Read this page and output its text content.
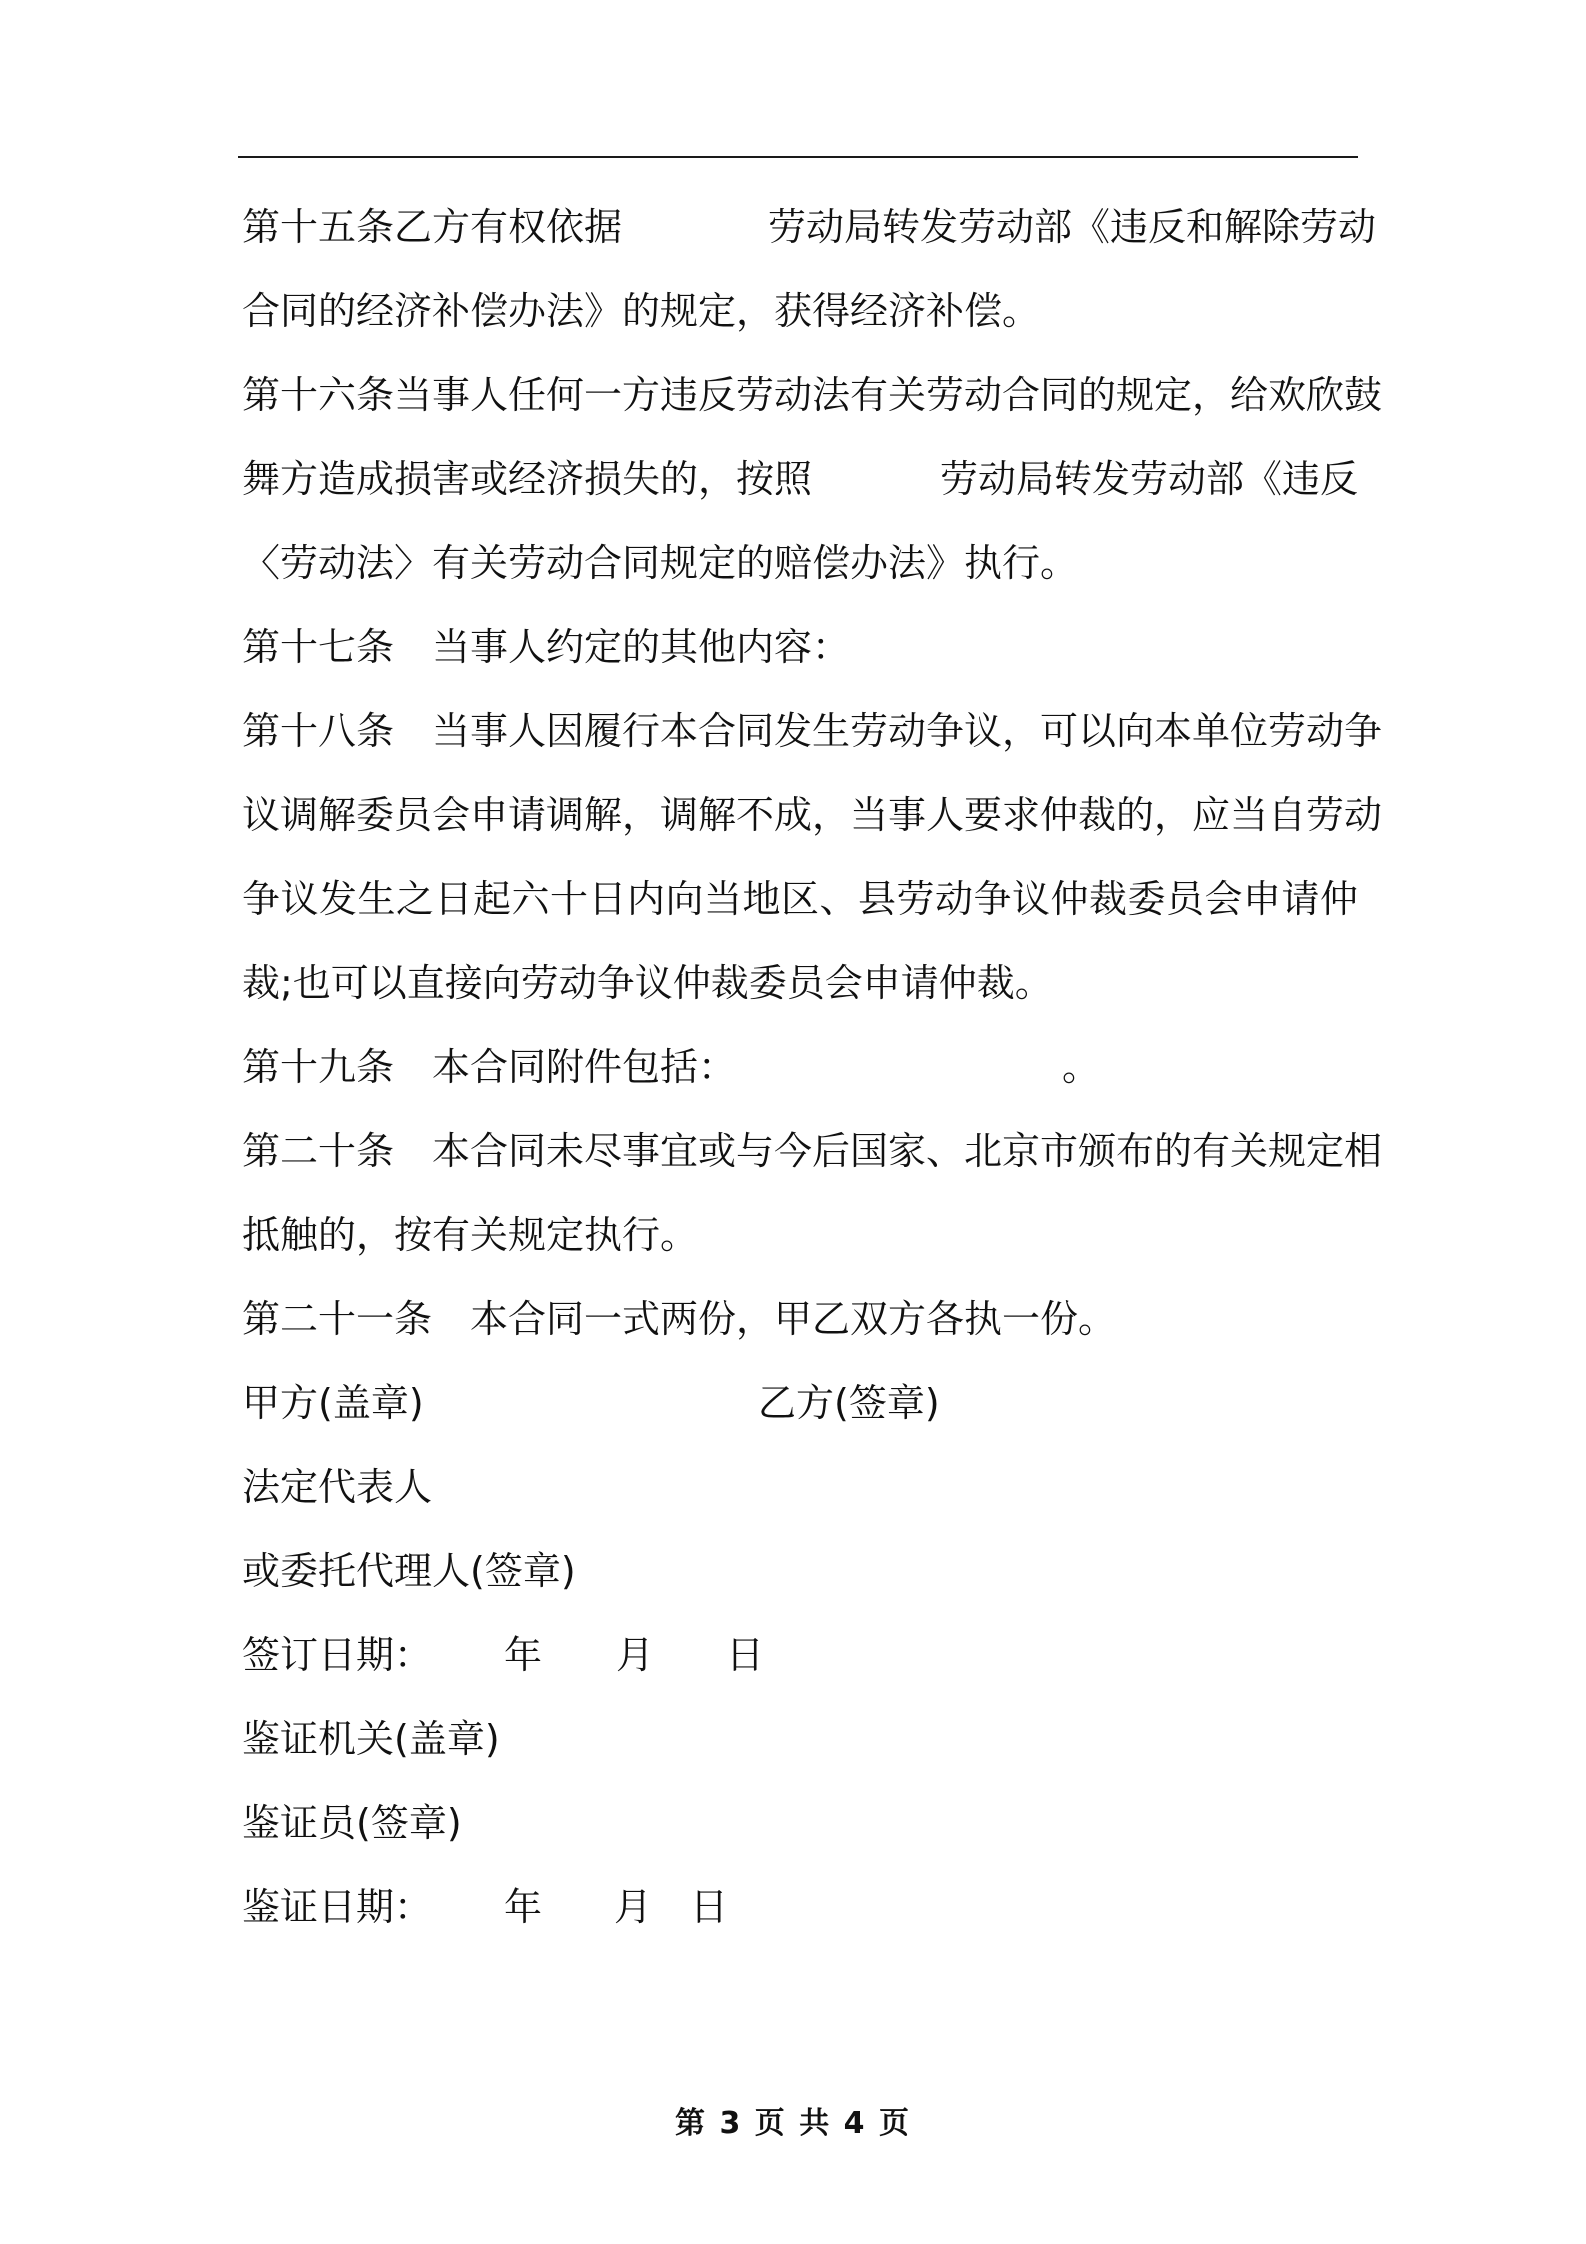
第十五条乙方有权依据	劳动局转发劳动部《违反和解除劳动
合同的经济补偿办法》的规定，获得经济补偿。
第十六条当事人任何一方违反劳动法有关劳动合同的规定，给欢欣鼓
舞方造成损害或经济损失的，按照	劳动局转发劳动部《违反
〈劳动法〉有关劳动合同规定的赔偿办法》执行。
第十七条　当事人约定的其他内容：
第十八条　当事人因履行本合同发生劳动争议，可以向本单位劳动争
议调解委员会申请调解，调解不成，当事人要求仲裁的，应当自劳动
争议发生之日起六十日内向当地区、县劳动争议仲裁委员会申请仲
裁;也可以直接向劳动争议仲裁委员会申请仲裁。
第十九条　本合同附件包括：	。
第二十条　本合同未尽事宜或与今后国家、北京市颁布的有关规定相
抵触的，按有关规定执行。
第二十一条　本合同一式两份，甲乙双方各执一份。
甲方(盖章)	乙方(签章)
法定代表人
或委托代理人(签章)
签订日期： 年 月 日
鉴证机关(盖章)
鉴证员(签章)
鉴证日期： 年 月 日
第 3 页 共 4 页
